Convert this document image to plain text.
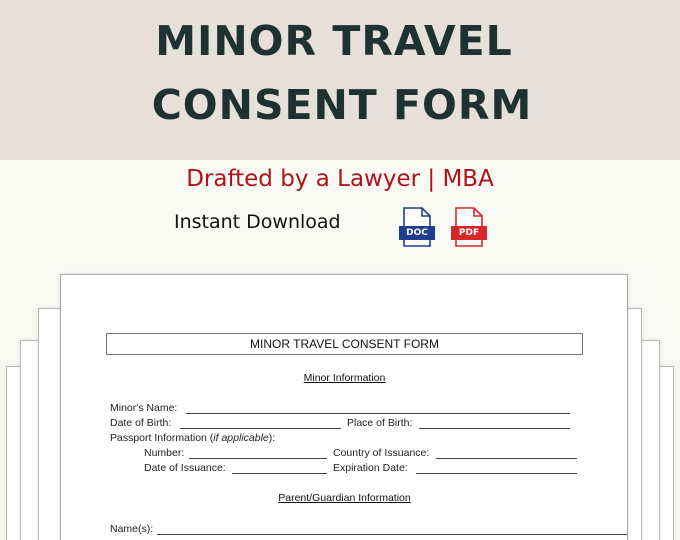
MINOR TRAVEL
CONSENT FORM
Drafted by a Lawyer | MBA
Instant Download	DOC	PDF
MINOR TRAVEL CONSENT FORM
Minor Information
Minor's Name:
Date of Birth:	Place of Birth:
Passport Information (if applicable):
Number:	Country of Issuance:
Date of Issuance:	Expiration Date:
Parent/Guardian Information
Name(s):
